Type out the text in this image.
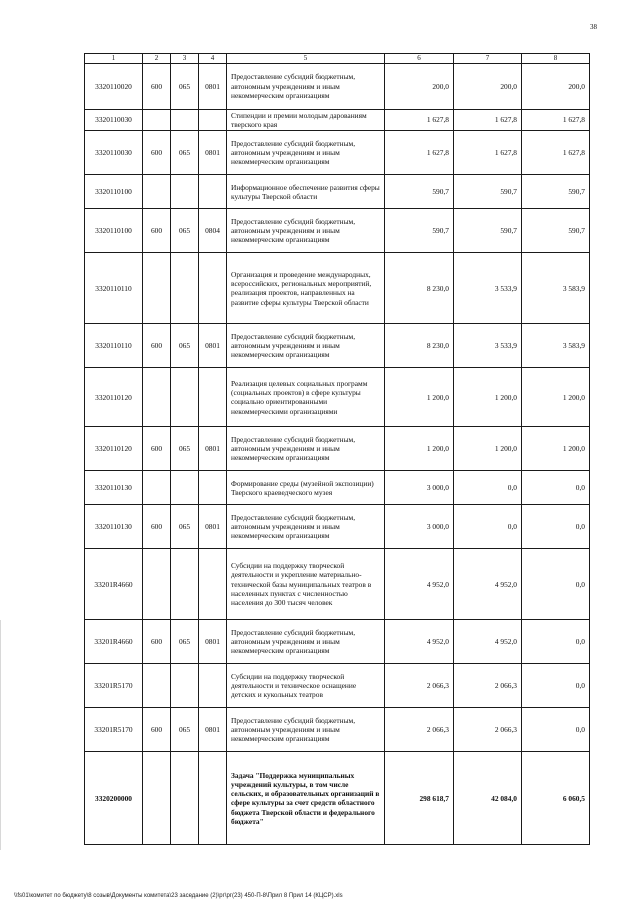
38
1	2	3	4	5	6	7	8
3320110020	600	065	0801	Предоставление субсидий бюджетным, автономным учреждениям и иным некоммерческим организациям	200,0	200,0	200,0
3320110030				Стипендии и премии молодым дарованиям тверского края	1 627,8	1 627,8	1 627,8
3320110030	600	065	0801	Предоставление субсидий бюджетным, автономным учреждениям и иным некоммерческим организациям	1 627,8	1 627,8	1 627,8
3320110100				Информационное обеспечение развития сферы культуры Тверской области	590,7	590,7	590,7
3320110100	600	065	0804	Предоставление субсидий бюджетным, автономным учреждениям и иным некоммерческим организациям	590,7	590,7	590,7
3320110110				Организация и проведение международных, всероссийских, региональных мероприятий, реализация проектов, направленных на развитие сферы культуры Тверской области	8 230,0	3 533,9	3 583,9
3320110110	600	065	0801	Предоставление субсидий бюджетным, автономным учреждениям и иным некоммерческим организациям	8 230,0	3 533,9	3 583,9
3320110120				Реализация целевых социальных программ (социальных проектов) в сфере культуры социально ориентированными некоммерческими организациями	1 200,0	1 200,0	1 200,0
3320110120	600	065	0801	Предоставление субсидий бюджетным, автономным учреждениям и иным некоммерческим организациям	1 200,0	1 200,0	1 200,0
3320110130				Формирование среды (музейной экспозиции) Тверского краеведческого музея	3 000,0	0,0	0,0
3320110130	600	065	0801	Предоставление субсидий бюджетным, автономным учреждениям и иным некоммерческим организациям	3 000,0	0,0	0,0
33201R4660				Субсидии на поддержку творческой деятельности и укрепление материально-технической базы муниципальных театров в населенных пунктах с численностью населения до 300 тысяч человек	4 952,0	4 952,0	0,0
33201R4660	600	065	0801	Предоставление субсидий бюджетным, автономным учреждениям и иным некоммерческим организациям	4 952,0	4 952,0	0,0
33201R5170				Субсидии на поддержку творческой деятельности и техническое оснащение детских и кукольных театров	2 066,3	2 066,3	0,0
33201R5170	600	065	0801	Предоставление субсидий бюджетным, автономным учреждениям и иным некоммерческим организациям	2 066,3	2 066,3	0,0
3320200000				Задача "Поддержка муниципальных учреждений культуры, в том числе сельских, и образовательных организаций в сфере культуры за счет средств областного бюджета Тверской области и федерального бюджета"	298 618,7	42 084,0	6 060,5
\\fs01\комитет по бюджету\8 созыв\Документы комитета\23 заседание (2)\рг\рг(23) 450-П-8\Прил 8 Прил 14 (КЦСР).xls
